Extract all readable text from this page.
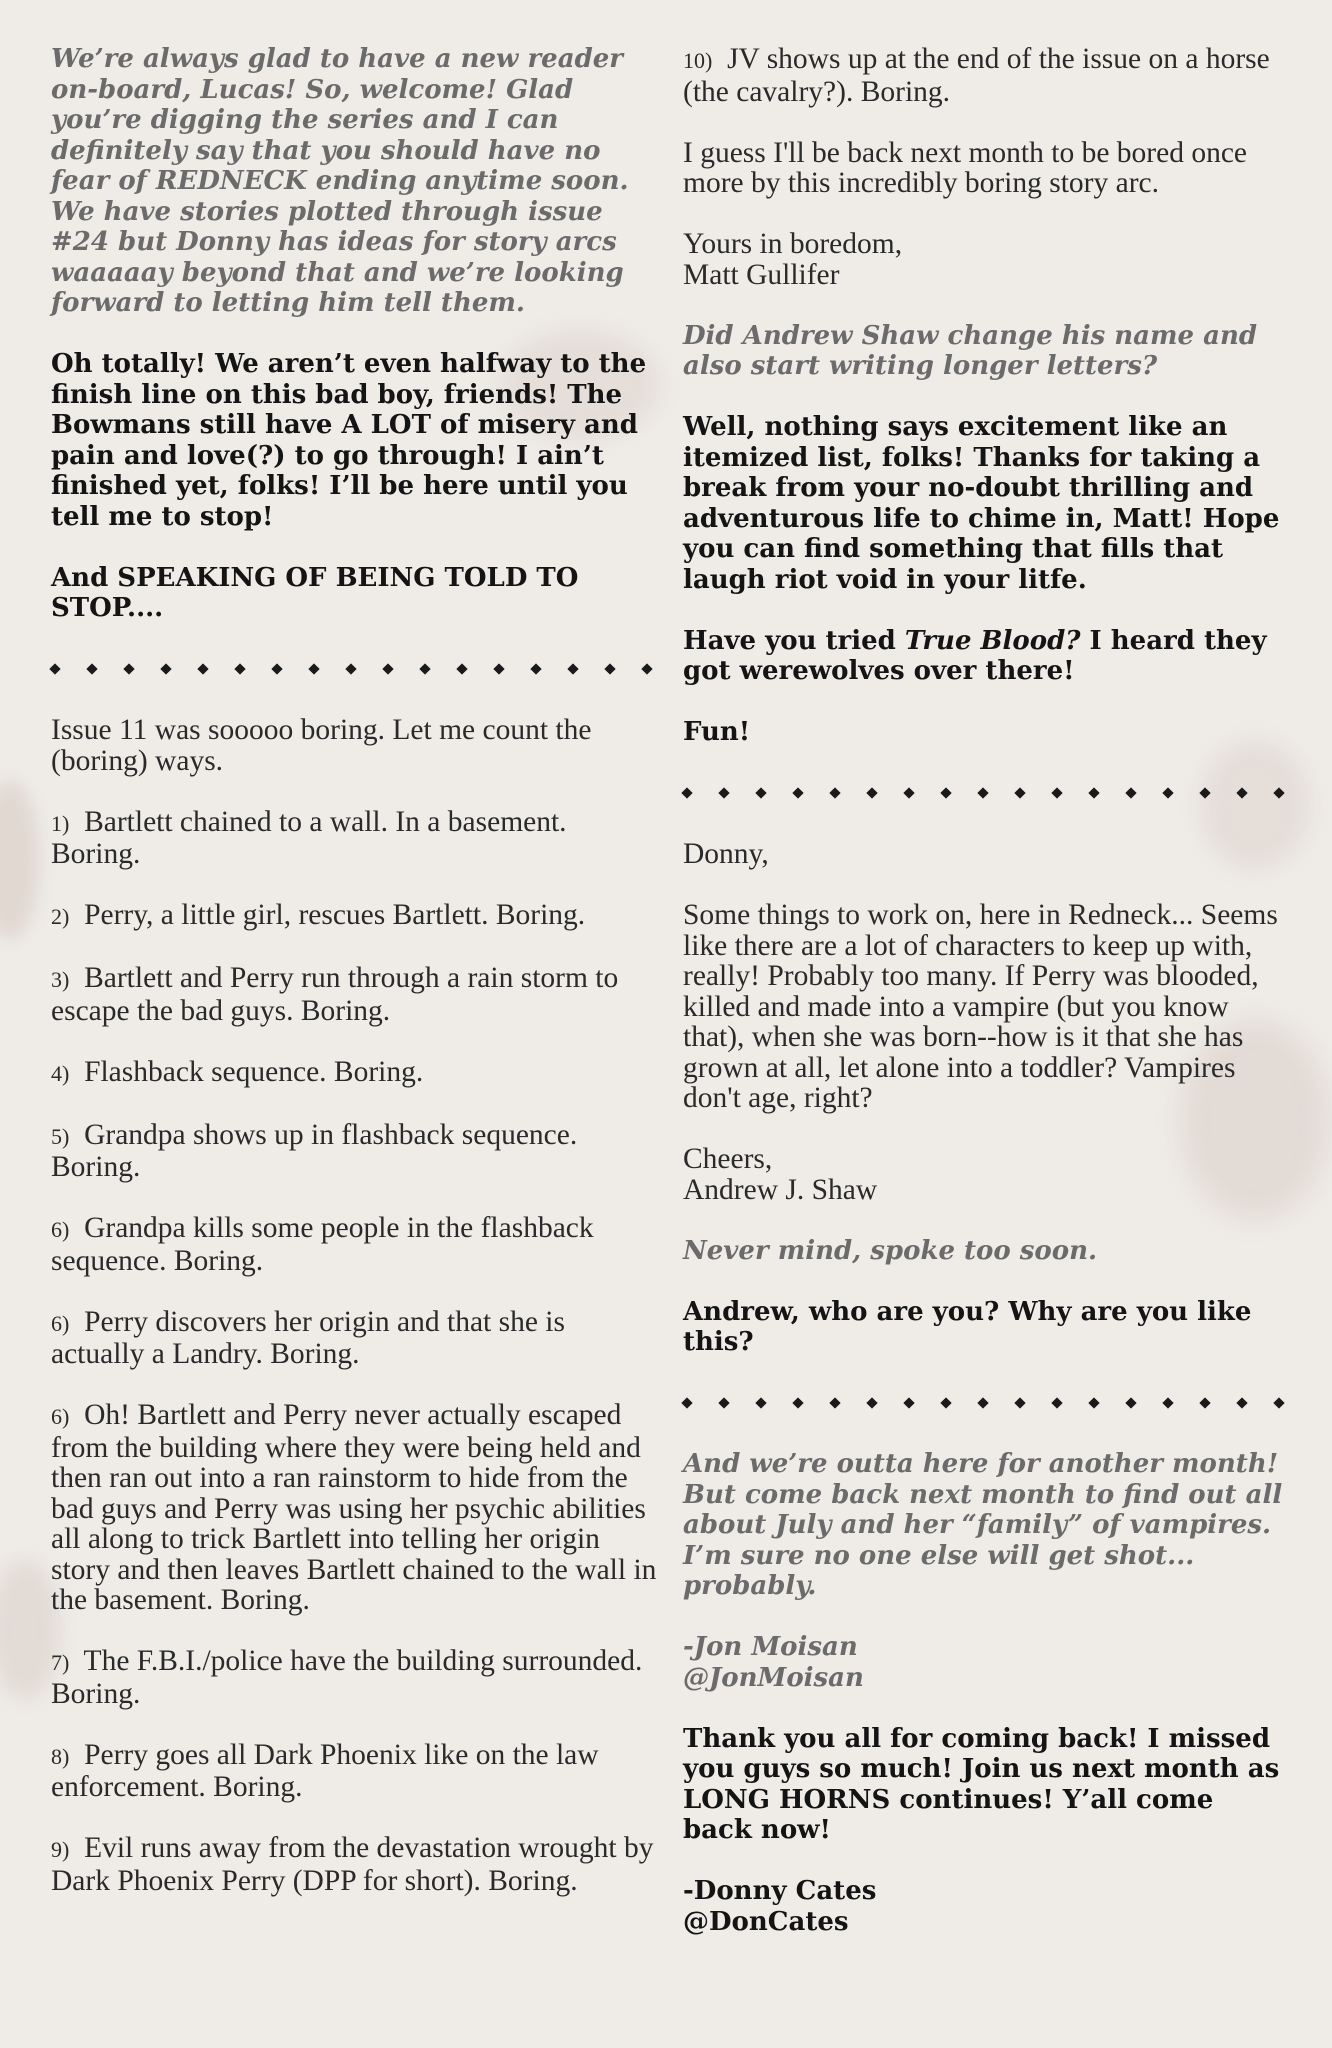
We’re always glad to have a new reader on-board, Lucas! So, welcome! Glad you’re digging the series and I can definitely say that you should have no fear of REDNECK ending anytime soon. We have stories plotted through issue #24 but Donny has ideas for story arcs waaaaay beyond that and we’re looking forward to letting him tell them.

Oh totally! We aren’t even halfway to the finish line on this bad boy, friends! The Bowmans still have A LOT of misery and pain and love(?) to go through! I ain’t finished yet, folks! I’ll be here until you tell me to stop!

And SPEAKING OF BEING TOLD TO STOP....

Issue 11 was sooooo boring. Let me count the (boring) ways.

1) Bartlett chained to a wall. In a basement. Boring.

2) Perry, a little girl, rescues Bartlett. Boring.

3) Bartlett and Perry run through a rain storm to escape the bad guys. Boring.

4) Flashback sequence. Boring.

5) Grandpa shows up in flashback sequence. Boring.

6) Grandpa kills some people in the flashback sequence. Boring.

6) Perry discovers her origin and that she is actually a Landry. Boring.

6)  Oh! Bartlett and Perry never actually escaped from the building where they were being held and then ran out into a ran rainstorm to hide from the bad guys and Perry was using her psychic abilities all along to trick Bartlett into telling her origin story and then leaves Bartlett chained to the wall in the basement. Boring.

7) The F.B.I./police have the building surrounded. Boring.

8) Perry goes all Dark Phoenix like on the law enforcement. Boring.

9) Evil runs away from the devastation wrought by Dark Phoenix Perry (DPP for short). Boring.

10) JV shows up at the end of the issue on a horse (the cavalry?). Boring.

I guess I'll be back next month to be bored once more by this incredibly boring story arc.

Yours in boredom,
Matt Gullifer

Did Andrew Shaw change his name and also start writing longer letters?

Well, nothing says excitement like an itemized list, folks! Thanks for taking a break from your no-doubt thrilling and adventurous life to chime in, Matt! Hope you can find something that fills that laugh riot void in your litfe.

Have you tried True Blood? I heard they got werewolves over there!

Fun!

Donny,

Some things to work on, here in Redneck... Seems like there are a lot of characters to keep up with, really! Probably too many. If Perry was blooded, killed and made into a vampire (but you know that), when she was born--how is it that she has grown at all, let alone into a toddler? Vampires don't age, right?

Cheers,
Andrew J. Shaw

Never mind, spoke too soon.

Andrew, who are you? Why are you like this?

And we’re outta here for another month! But come back next month to find out all about July and her “family” of vampires. I’m sure no one else will get shot... probably.

-Jon Moisan
@JonMoisan

Thank you all for coming back! I missed you guys so much! Join us next month as LONG HORNS continues! Y’all come back now!

-Donny Cates
@DonCates
